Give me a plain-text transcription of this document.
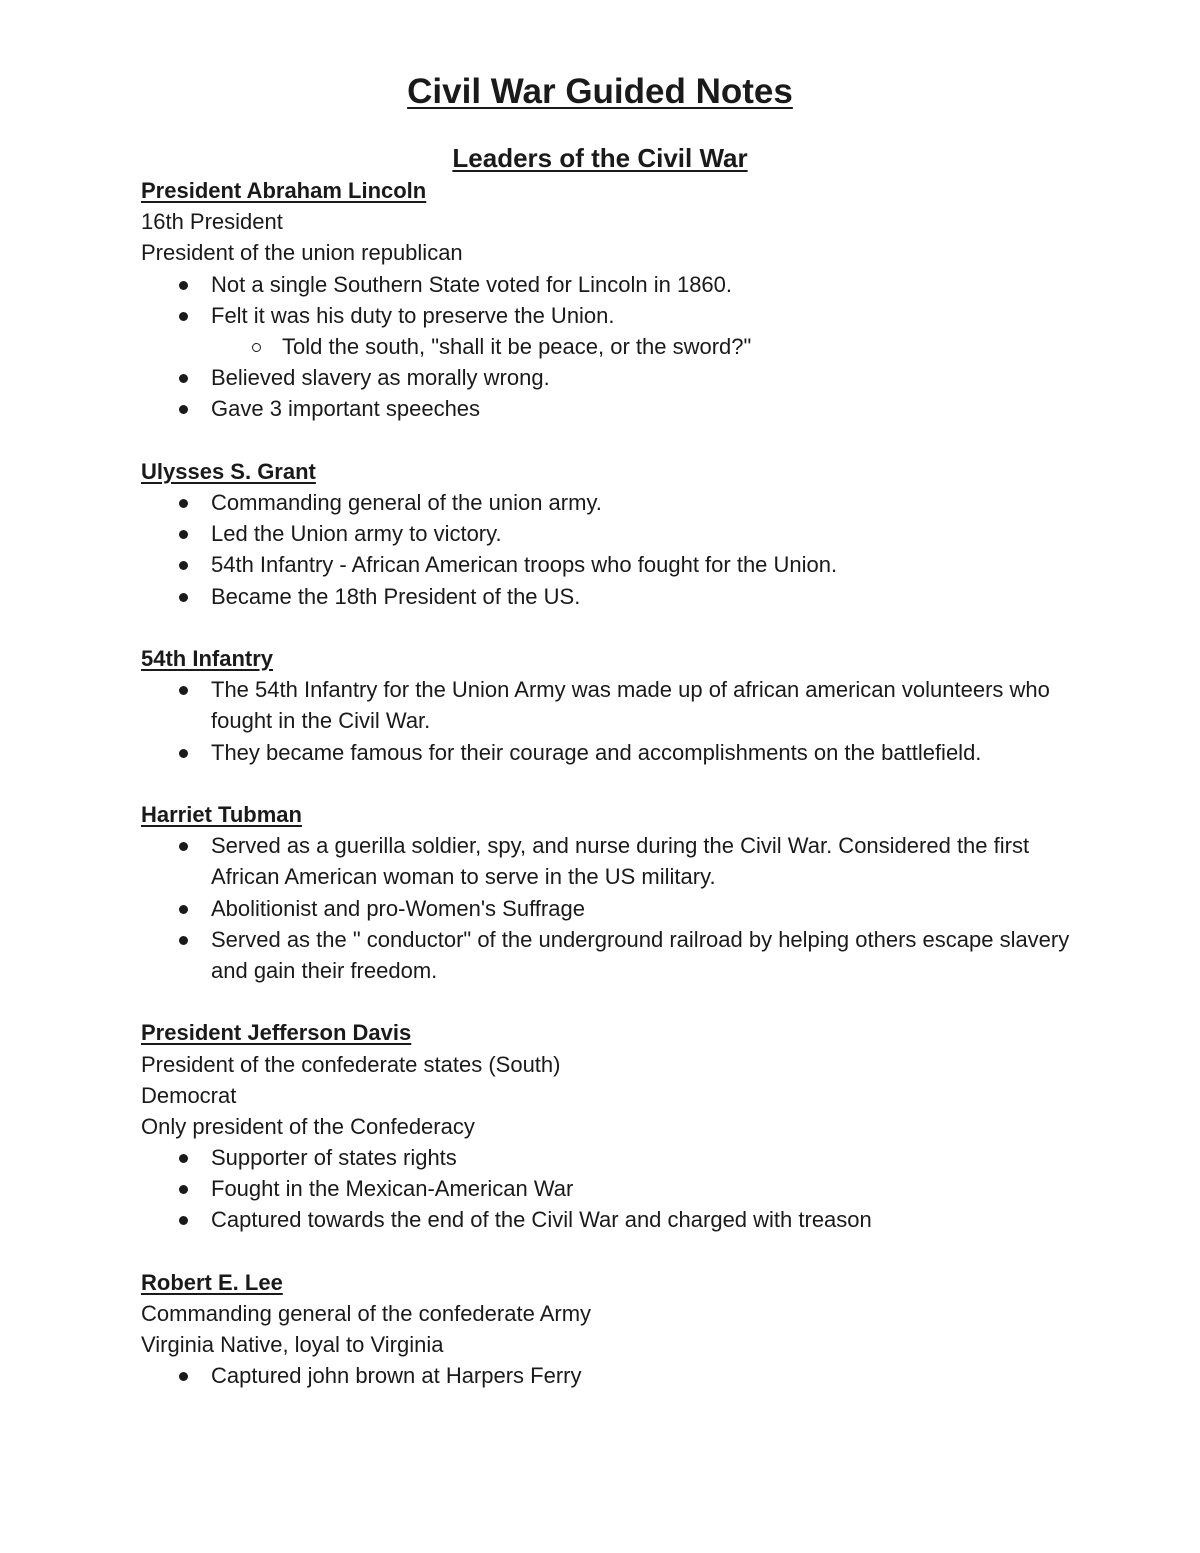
Civil War Guided Notes
Leaders of the Civil War
President Abraham Lincoln
16th President
President of the union republican
Not a single Southern State voted for Lincoln in 1860.
Felt it was his duty to preserve the Union.
Told the south, "shall it be peace, or the sword?"
Believed slavery as morally wrong.
Gave 3 important speeches
Ulysses S. Grant
Commanding general of the union army.
Led the Union army to victory.
54th Infantry - African American troops who fought for the Union.
Became the 18th President of the US.
54th Infantry
The 54th Infantry for the Union Army was made up of african american volunteers who fought in the Civil War.
They became famous for their courage and accomplishments on the battlefield.
Harriet Tubman
Served as a guerilla soldier, spy, and nurse during the Civil War. Considered the first African American woman to serve in the US military.
Abolitionist and pro-Women's Suffrage
Served as the " conductor" of the underground railroad by helping others escape slavery and gain their freedom.
President Jefferson Davis
President of the confederate states (South)
Democrat
Only president of the Confederacy
Supporter of states rights
Fought in the Mexican-American War
Captured towards the end of the Civil War and charged with treason
Robert E. Lee
Commanding general of the confederate Army
Virginia Native, loyal to Virginia
Captured john brown at Harpers Ferry
